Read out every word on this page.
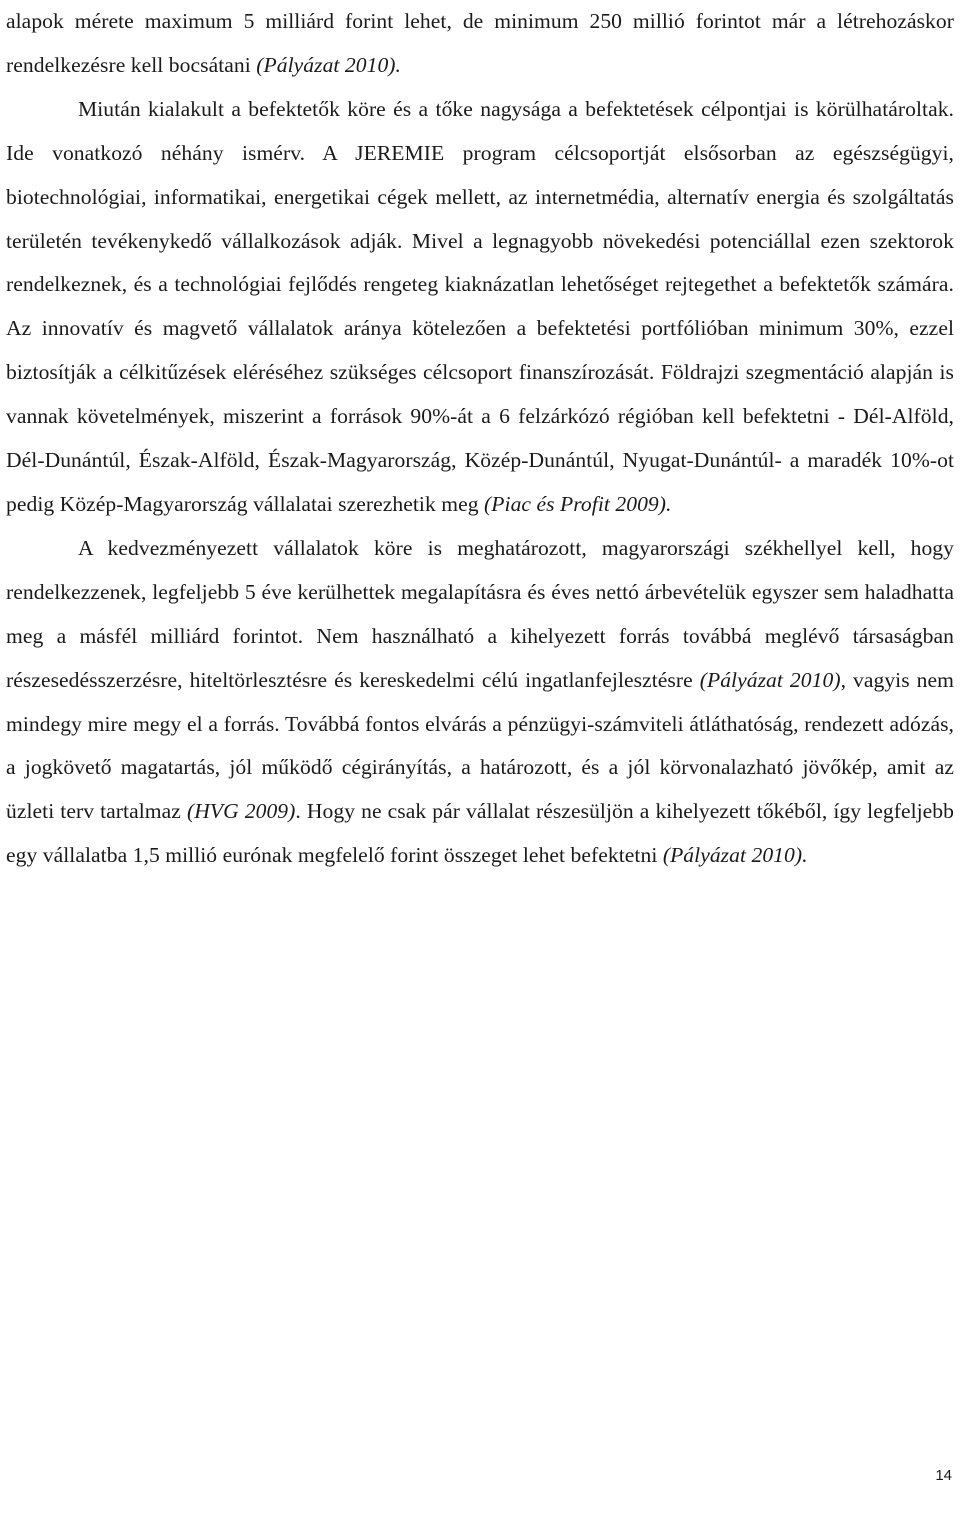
alapok mérete maximum 5 milliárd forint lehet, de minimum 250 millió forintot már a létrehozáskor rendelkezésre kell bocsátani (Pályázat 2010).

Miután kialakult a befektetők köre és a tőke nagysága a befektetések célpontjai is körülhatároltak. Ide vonatkozó néhány ismérv. A JEREMIE program célcsoportját elsősorban az egészségügyi, biotechnológiai, informatikai, energetikai cégek mellett, az internetmédia, alternatív energia és szolgáltatás területén tevékenykedő vállalkozások adják. Mivel a legnagyobb növekedési potenciállal ezen szektorok rendelkeznek, és a technológiai fejlődés rengeteg kiaknázatlan lehetőséget rejtegethet a befektetők számára. Az innovatív és magvető vállalatok aránya kötelezően a befektetési portfólióban minimum 30%, ezzel biztosítják a célkitűzések eléréséhez szükséges célcsoport finanszírozását. Földrajzi szegmentáció alapján is vannak követelmények, miszerint a források 90%-át a 6 felzárkózó régióban kell befektetni - Dél-Alföld, Dél-Dunántúl, Észak-Alföld, Észak-Magyarország, Közép-Dunántúl, Nyugat-Dunántúl- a maradék 10%-ot pedig Közép-Magyarország vállalatai szerezhetik meg (Piac és Profit 2009).

A kedvezményezett vállalatok köre is meghatározott, magyarországi székhellyel kell, hogy rendelkezzenek, legfeljebb 5 éve kerülhettek megalapításra és éves nettó árbevételük egyszer sem haladhatta meg a másfél milliárd forintot. Nem használható a kihelyezett forrás továbbá meglévő társaságban részesedésszerzésre, hiteltörlesztésre és kereskedelmi célú ingatlanfejlesztésre (Pályázat 2010), vagyis nem mindegy mire megy el a forrás. Továbbá fontos elvárás a pénzügyi-számviteli átláthatóság, rendezett adózás, a jogkövető magatartás, jól működő cégirányítás, a határozott, és a jól körvonalazható jövőkép, amit az üzleti terv tartalmaz (HVG 2009). Hogy ne csak pár vállalat részesüljön a kihelyezett tőkéből, így legfeljebb egy vállalatba 1,5 millió eurónak megfelelő forint összeget lehet befektetni (Pályázat 2010).

14
